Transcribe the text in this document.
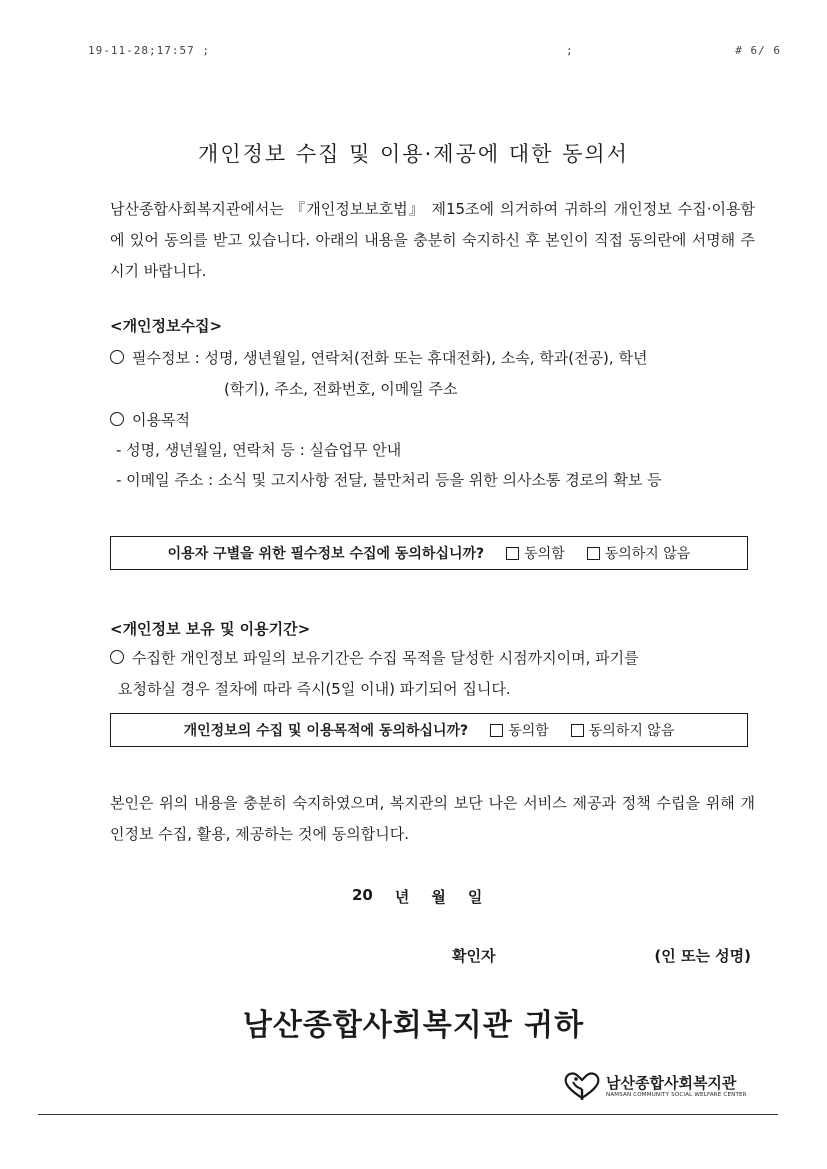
19-11-28;17:57 ;	;	# 6/ 6
개인정보 수집 및 이용·제공에 대한 동의서

남산종합사회복지관에서는 『개인정보보호법』 제15조에 의거하여 귀하의 개인정보 수집·이용함에 있어 동의를 받고 있습니다. 아래의 내용을 충분히 숙지하신 후 본인이 직접 동의란에 서명해 주시기 바랍니다.

<개인정보수집>
필수정보 : 성명, 생년월일, 연락처(전화 또는 휴대전화), 소속, 학과(전공), 학년
(학기), 주소, 전화번호, 이메일 주소
이용목적
- 성명, 생년월일, 연락처 등 : 실습업무 안내
- 이메일 주소 : 소식 및 고지사항 전달, 불만처리 등을 위한 의사소통 경로의 확보 등
이용자 구별을 위한 필수정보 수집에 동의하십니까?	동의함	동의하지 않음
<개인정보 보유 및 이용기간>
수집한 개인정보 파일의 보유기간은 수집 목적을 달성한 시점까지이며, 파기를
요청하실 경우 절차에 따라 즉시(5일 이내) 파기되어 집니다.
개인정보의 수집 및 이용목적에 동의하십니까?	동의함	동의하지 않음

본인은 위의 내용을 충분히 숙지하였으며, 복지관의 보단 나은 서비스 제공과 정책 수립을 위해 개인정보 수집, 활용, 제공하는 것에 동의합니다.

20 년 월 일
확인자	(인 또는 성명)
남산종합사회복지관 귀하
남산종합사회복지관
NAMSAN COMMUNITY SOCIAL WELFARE CENTER
